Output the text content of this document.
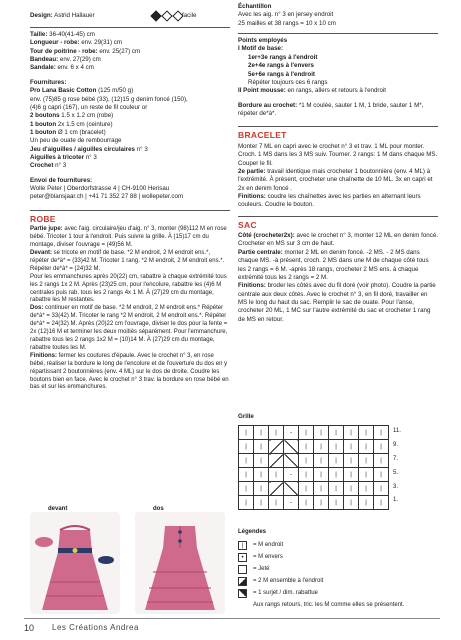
Design: Astrid Hallauer	facile

Taille: 36-40(41-45) cm

Longueur - robe: env. 29(31) cm

Tour de poitrine - robe: env. 25(27) cm

Bandeau: env. 27(29) cm

Sandale: env. 6 x 4 cm

Fournitures:

Pro Lana Basic Cotton (125 m/50 g)

env. (75)85 g rose bébé (33), (12)15 g denim foncé (150),

(4)6 g capri (167), un reste de fil couleur or

2 boutons 1.5 x 1.2 cm (robe)

1 bouton 2x 1.5 cm (ceinture)

1 bouton Ø 1 cm (bracelet)

Un peu de ouate de rembourrage

Jeu d'aiguilles / aiguilles circulaires n° 3

Aiguilles à tricoter n° 3

Crochet n° 3

Envoi de fournitures:

Wolle Peter | Oberdorfstrasse 4 | CH-9100 Herisau

peter@blansjaar.ch | +41 71 352 27 88 | wollepeter.com

ROBE

Partie jupe: avec l'aig. circulaire/jeu d'aig. n° 3, monter (98)112 M en rose bébé. Tricoter 1 tour à l'endroit. Puis suivre la grille. À (15)17 cm du montage, diviser l'ouvrage = (49)56 M.

Devant: se tricote en motif de base. *2 M endroit, 2 M endroit ens.*, répéter de*à* = (33)42 M. Tricoter 1 rang. *2 M endroit, 2 M endroit ens.*. Répéter de*à* = (24)32 M.

Pour les emmanchures après 20(22) cm, rabattre à chaque extrémité tous les 2 rangs 1x 2 M. Après (23)25 cm, pour l'encolure, rabattre les (4)6 M centrales puis rab. tous les 2 rangs 4x 1 M. À (27)29 cm du montage, rabattre les M restantes.

Dos: continuer en motif de base. *2 M endroit, 2 M endroit ens.* Répéter de*à* = 33(42) M. Tricoter le rang *2 M endroit, 2 M endroit ens.*. Répéter de*à* = 24(32) M. Après (20)22 cm l'ouvrage, diviser le dos pour la fente = 2x (12)16 M et terminer les deux moitiés séparément. Pour l'emmanchure, rabattre tous les 2 rangs 1x2 M = (10)14 M. À (27)29 cm du montage, rabattre toutes les M.

Finitions: fermer les coutures d'épaule. Avec le crochet n° 3, en rose bébé, réaliser la bordure le long de l'encolure et de l'ouverture du dos en y répartissant 2 boutonnières (env. 4 ML) sur le dos de droite. Coudre les boutons bien en face. Avec le crochet n° 3 trav. la bordure en rose bébé en bas et sur les emmanchures.

devant	dos

Échantillon

Avec les aig. n° 3 en jersey endroit

25 mailles et 38 rangs = 10 x 10 cm

Points employés

I Motif de base:

1er+3e rangs à l'endroit

2e+4e rangs à l'envers

5e+6e rangs à l'endroit

Répéter toujours ces 6 rangs

II Point mousse: en rangs, allers et retours à l'endroit

Bordure au crochet: *1 M coulée, sauter 1 M, 1 bride, sauter 1 M*, répéter de*à*.

BRACELET

Monter 7 ML en capri avec le crochet n° 3 et trav. 1 ML pour monter. Croch. 1 MS dans les 3 MS suiv. Tourner. 2 rangs: 1 M dans chaque MS. Couper le fil.

2e partie: travail identique mais crocheter 1 boutonnière (env. 4 ML) à l'extrémité. À présent, crocheter une chaînette de 10 ML. 3x en capri et 2x en denim foncé .

Finitions: coudre les chaînettes avec les parties en alternant leurs couleurs. Coudre le bouton.

SAC

Côté (crocheter2x): avec le crochet n° 3, monter 12 ML en denim foncé. Crocheter en MS sur 3 cm de haut.

Partie centrale: monter 2 ML en denim foncé. -2 MS. - 2 MS dans chaque MS. -à présent, croch. 2 MS dans une M de chaque côté tous les 2 rangs = 6 M. -après 18 rangs, crocheter 2 MS ens. à chaque extrémité tous les 2 rangs = 2 M.

Finitions: broder les côtés avec du fil doré (voir photo). Coudre la partie centrale aux deux côtés. Avec le crochet n° 3, en fil doré, travailler en MS le long du haut du sac. Remplir le sac de ouate. Pour l'anse, crocheter 20 ML, 1 MC sur l'autre extrémité du sac et crocheter 1 rang de MS en retour.

Grille

|	|	|	-	|	|	|	|	|	|
|	|			|	|	|	|	|	|
|	|			|	|	|	|	|	|
|	|	|	-	|	|	|	|	|	|
|	|			|	|	|	|	|	|
|	|	|	-	|	|	|	|	|	|
11.
9.
7.
5.
3.
1.

Légendes

|	= M endroit
•	= M envers
= Jeté
= 2 M ensemble à l'endroit
= 1 surjet / dim. rabattue

Aux rangs retours, tric. les M comme elles se présentent.

10 Les Créations Andrea
